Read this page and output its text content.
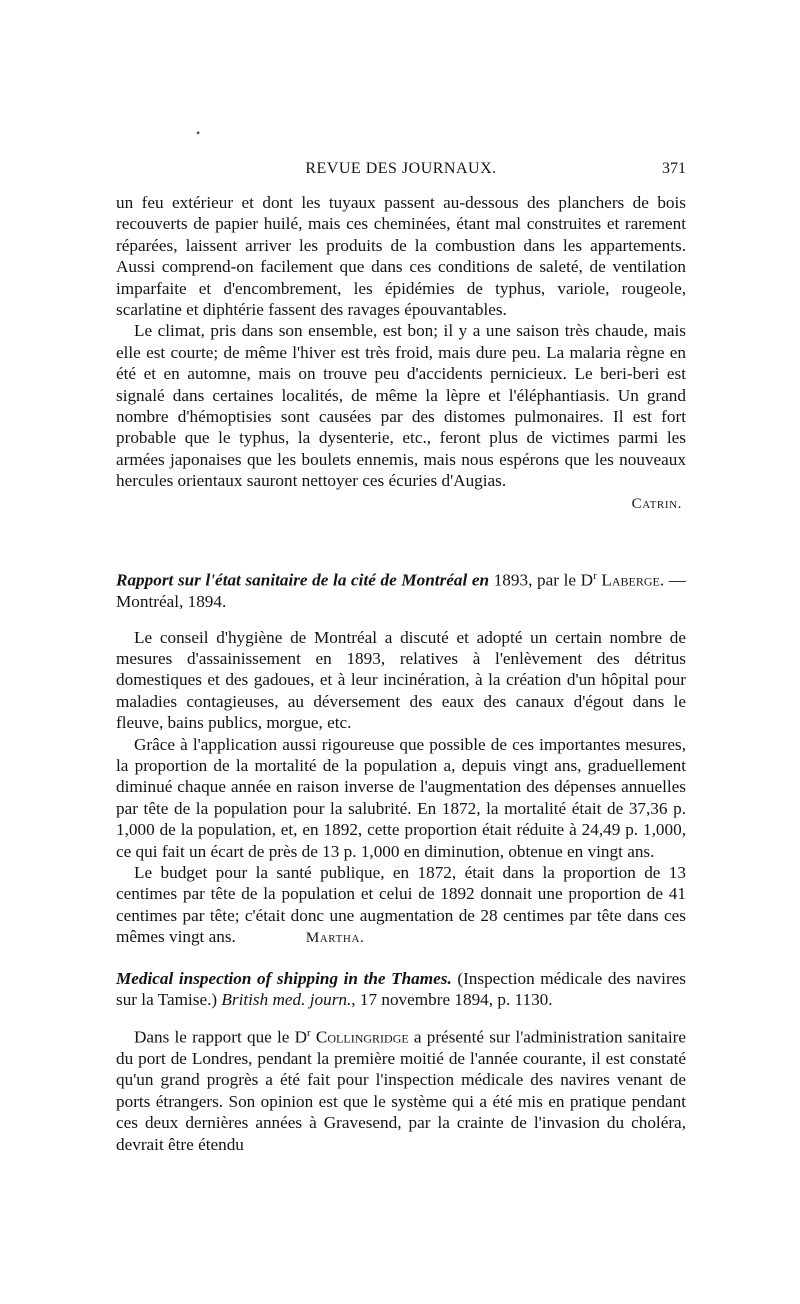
•
REVUE DES JOURNAUX.	371

un feu extérieur et dont les tuyaux passent au-dessous des planchers de bois recouverts de papier huilé, mais ces cheminées, étant mal construites et rarement réparées, laissent arriver les produits de la combustion dans les appartements. Aussi comprend-on facilement que dans ces conditions de saleté, de ventilation imparfaite et d'encombrement, les épidémies de typhus, variole, rougeole, scarlatine et diphtérie fassent des ravages épouvantables.

Le climat, pris dans son ensemble, est bon; il y a une saison très chaude, mais elle est courte; de même l'hiver est très froid, mais dure peu. La malaria règne en été et en automne, mais on trouve peu d'accidents pernicieux. Le beri-beri est signalé dans certaines localités, de même la lèpre et l'éléphantiasis. Un grand nombre d'hémoptisies sont causées par des distomes pulmonaires. Il est fort probable que le typhus, la dysenterie, etc., feront plus de victimes parmi les armées japonaises que les boulets ennemis, mais nous espérons que les nouveaux hercules orientaux sauront nettoyer ces écuries d'Augias.

Catrin.

Rapport sur l'état sanitaire de la cité de Montréal en 1893, par le $D^r$ Laberge. — Montréal, 1894.

Le conseil d'hygiène de Montréal a discuté et adopté un certain nombre de mesures d'assainissement en 1893, relatives à l'enlèvement des détritus domestiques et des gadoues, et à leur incinération, à la création d'un hôpital pour maladies contagieuses, au déversement des eaux des canaux d'égout dans le fleuve, bains publics, morgue, etc.

Grâce à l'application aussi rigoureuse que possible de ces importantes mesures, la proportion de la mortalité de la population a, depuis vingt ans, graduellement diminué chaque année en raison inverse de l'augmentation des dépenses annuelles par tête de la population pour la salubrité. En 1872, la mortalité était de 37,36 p. 1,000 de la population, et, en 1892, cette proportion était réduite à 24,49 p. 1,000, ce qui fait un écart de près de 13 p. 1,000 en diminution, obtenue en vingt ans.

Le budget pour la santé publique, en 1872, était dans la proportion de 13 centimes par tête de la population et celui de 1892 donnait une proportion de 41 centimes par tête; c'était donc une augmentation de 28 centimes par tête dans ces mêmes vingt ans.	Martha.

Medical inspection of shipping in the Thames. (Inspection médicale des navires sur la Tamise.) British med. journ., 17 novembre 1894, p. 1130.

Dans le rapport que le $D^r$ Collingridge a présenté sur l'administration sanitaire du port de Londres, pendant la première moitié de l'année courante, il est constaté qu'un grand progrès a été fait pour l'inspection médicale des navires venant de ports étrangers. Son opinion est que le système qui a été mis en pratique pendant ces deux dernières années à Gravesend, par la crainte de l'invasion du choléra, devrait être étendu
